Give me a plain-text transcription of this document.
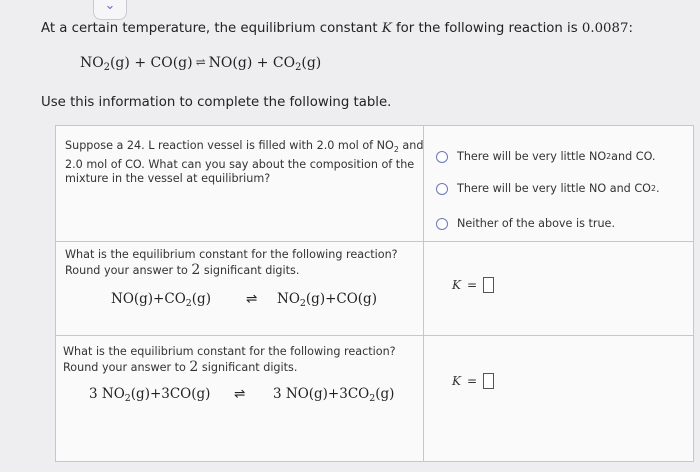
⌄
At a certain temperature, the equilibrium constant K for the following reaction is 0.0087:
$NO_2(g) + CO(g)$ ⇌ $NO(g) + CO_2(g)$
Use this information to complete the following table.
Suppose a 24. L reaction vessel is filled with 2.0 mol of $NO_2$ and
2.0 mol of CO. What can you say about the composition of the
mixture in the vessel at equilibrium?
There will be very little NO 2 and CO.
There will be very little NO and CO 2 .
Neither of the above is true.
What is the equilibrium constant for the following reaction?
Round your answer to 2 significant digits.
$NO(g)+CO_2(g)$	⇌ $NO_2(g)+CO(g)$
K =
What is the equilibrium constant for the following reaction?
Round your answer to 2 significant digits.
3 $NO_2(g)+3CO(g)$ ⇌ 3 $NO(g)+3CO_2(g)$
K =
